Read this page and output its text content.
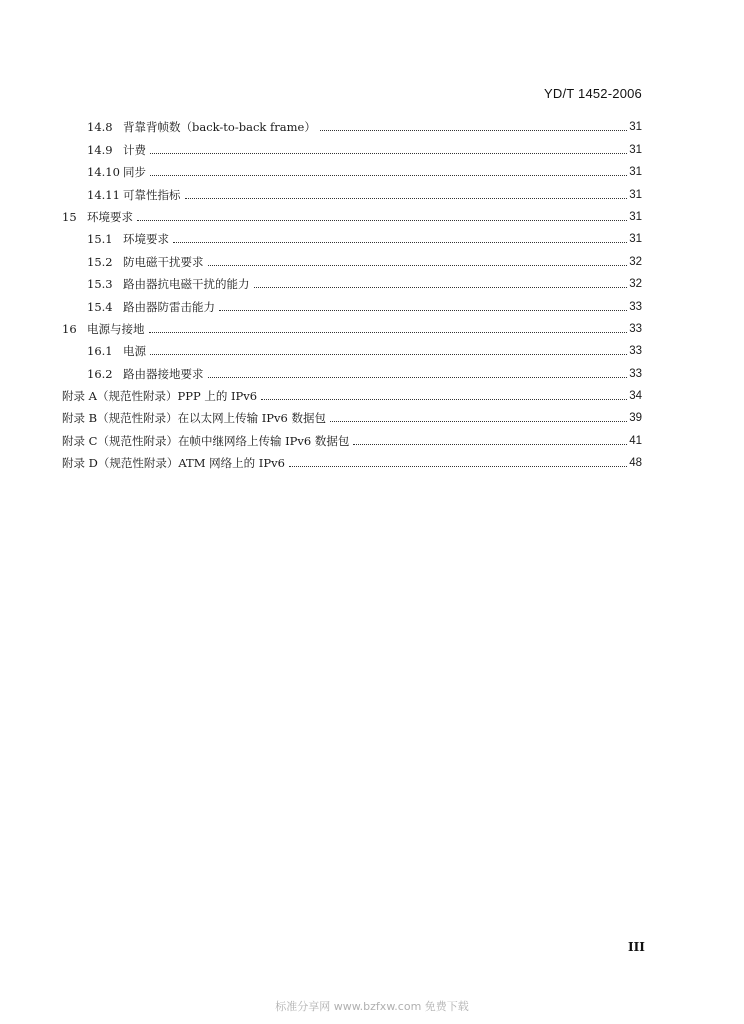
YD/T 1452-2006
14.8 背靠背帧数（back-to-back frame）	31
14.9 计费	31
14.10 同步	31
14.11 可靠性指标	31
15 环境要求	31
15.1 环境要求	31
15.2 防电磁干扰要求	32
15.3 路由器抗电磁干扰的能力	32
15.4 路由器防雷击能力	33
16 电源与接地	33
16.1 电源	33
16.2 路由器接地要求	33
附录 A（规范性附录） PPP 上的 IPv6	34
附录 B（规范性附录） 在以太网上传输 IPv6 数据包	39
附录 C（规范性附录） 在帧中继网络上传输 IPv6 数据包	41
附录 D（规范性附录） ATM 网络上的 IPv6	48
III
标准分享网 www.bzfxw.com 免费下载
